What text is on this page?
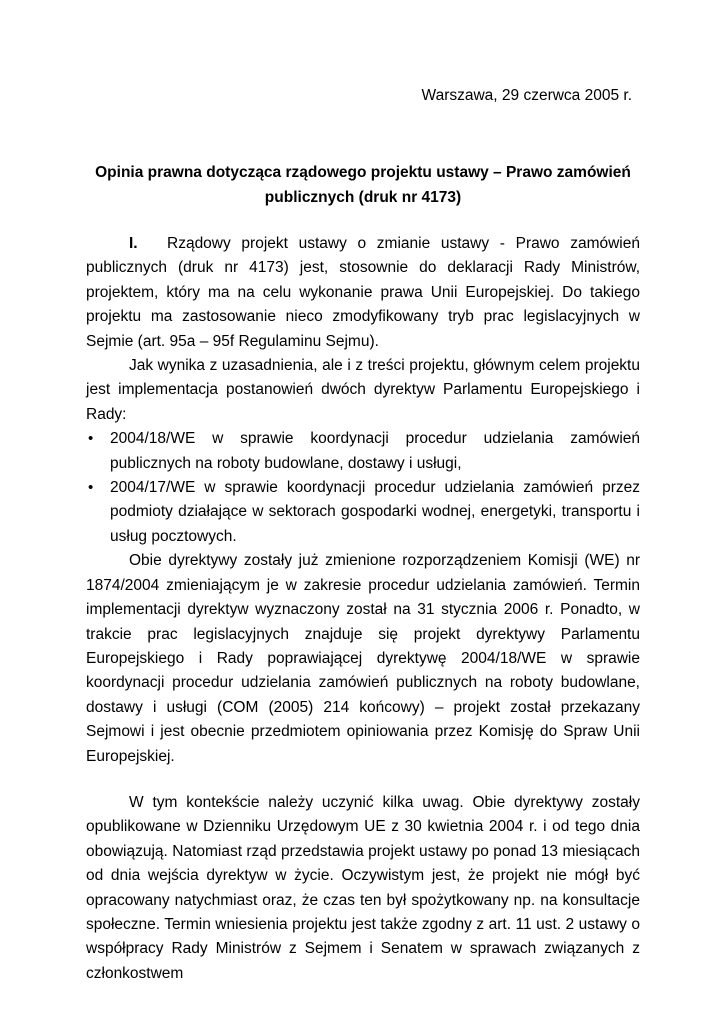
Warszawa, 29 czerwca 2005 r.
Opinia prawna dotycząca rządowego projektu ustawy – Prawo zamówień
publicznych (druk nr 4173)

I. Rządowy projekt ustawy o zmianie ustawy - Prawo zamówień publicznych (druk nr 4173) jest, stosownie do deklaracji Rady Ministrów, projektem, który ma na celu wykonanie prawa Unii Europejskiej. Do takiego projektu ma zastosowanie nieco zmodyfikowany tryb prac legislacyjnych w Sejmie (art. 95a – 95f Regulaminu Sejmu).

Jak wynika z uzasadnienia, ale i z treści projektu, głównym celem projektu jest implementacja postanowień dwóch dyrektyw Parlamentu Europejskiego i Rady:

• 2004/18/WE w sprawie koordynacji procedur udzielania zamówień publicznych na roboty budowlane, dostawy i usługi,
• 2004/17/WE w sprawie koordynacji procedur udzielania zamówień przez podmioty działające w sektorach gospodarki wodnej, energetyki, transportu i usług pocztowych.

Obie dyrektywy zostały już zmienione rozporządzeniem Komisji (WE) nr 1874/2004 zmieniającym je w zakresie procedur udzielania zamówień. Termin implementacji dyrektyw wyznaczony został na 31 stycznia 2006 r. Ponadto, w trakcie prac legislacyjnych znajduje się projekt dyrektywy Parlamentu Europejskiego i Rady poprawiającej dyrektywę 2004/18/WE w sprawie koordynacji procedur udzielania zamówień publicznych na roboty budowlane, dostawy i usługi (COM (2005) 214 końcowy) – projekt został przekazany Sejmowi i jest obecnie przedmiotem opiniowania przez Komisję do Spraw Unii Europejskiej.

W tym kontekście należy uczynić kilka uwag. Obie dyrektywy zostały opublikowane w Dzienniku Urzędowym UE z 30 kwietnia 2004 r. i od tego dnia obowiązują. Natomiast rząd przedstawia projekt ustawy po ponad 13 miesiącach od dnia wejścia dyrektyw w życie. Oczywistym jest, że projekt nie mógł być opracowany natychmiast oraz, że czas ten był spożytkowany np. na konsultacje społeczne. Termin wniesienia projektu jest także zgodny z art. 11 ust. 2 ustawy o współpracy Rady Ministrów z Sejmem i Senatem w sprawach związanych z członkostwem
